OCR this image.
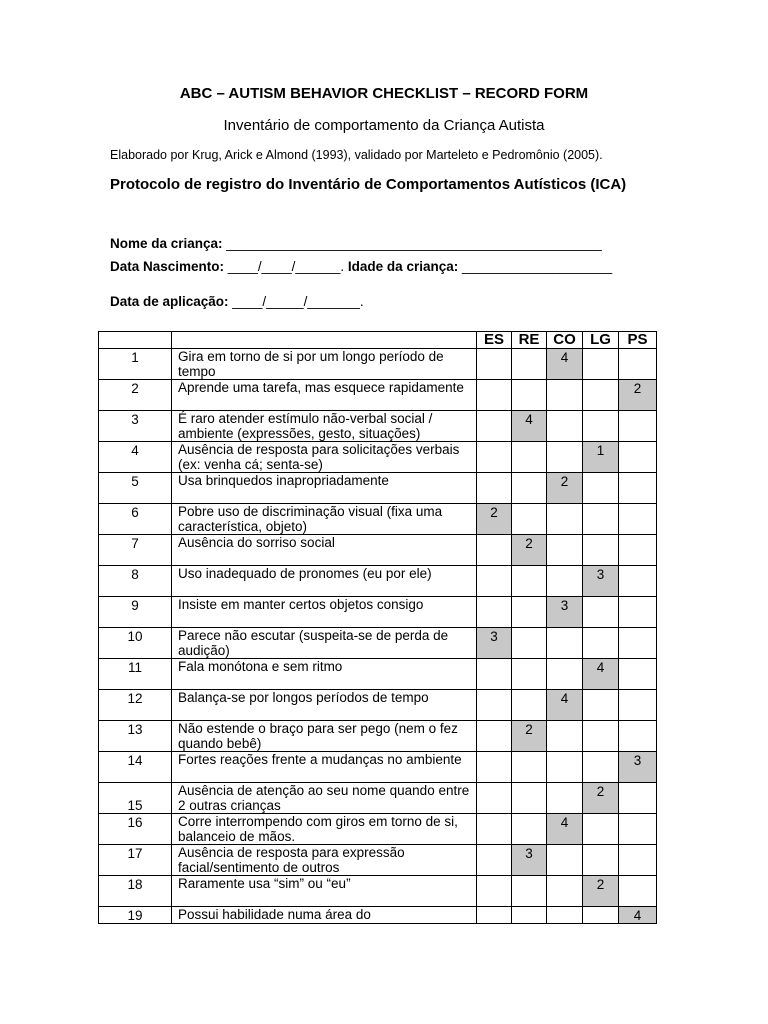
ABC – AUTISM BEHAVIOR CHECKLIST – RECORD FORM
Inventário de comportamento da Criança Autista
Elaborado por Krug, Arick e Almond (1993), validado por Marteleto e Pedromônio (2005).
Protocolo de registro do Inventário de Comportamentos Autísticos (ICA)
Nome da criança: __________________________________________________
Data Nascimento: ____/____/______. Idade da criança: ____________________
Data de aplicação: ____/_____/_______.
		ES	RE	CO	LG	PS

1	Gira em torno de si por um longo período de tempo			4		

2	Aprende uma tarefa, mas esquece rapidamente					2

3	É raro atender estímulo não-verbal social / ambiente (expressões, gesto, situações)		4			

4	Ausência de resposta para solicitações verbais (ex: venha cá; senta-se)				1	

5	Usa brinquedos inapropriadamente			2		

6	Pobre uso de discriminação visual (fixa uma característica, objeto)	2				

7	Ausência do sorriso social		2			

8	Uso inadequado de pronomes (eu por ele)				3	

9	Insiste em manter certos objetos consigo			3		

10	Parece não escutar (suspeita-se de perda de audição)	3				

11	Fala monótona e sem ritmo				4	

12	Balança-se por longos períodos de tempo			4		

13	Não estende o braço para ser pego (nem o fez quando bebê)		2			

14	Fortes reações frente a mudanças no ambiente					3

15	Ausência de atenção ao seu nome quando entre 2 outras crianças				2	

16	Corre interrompendo com giros em torno de si, balanceio de mãos.			4		

17	Ausência de resposta para expressão facial/sentimento de outros		3			

18	Raramente usa “sim” ou “eu”				2	

19	Possui habilidade numa área do					4
